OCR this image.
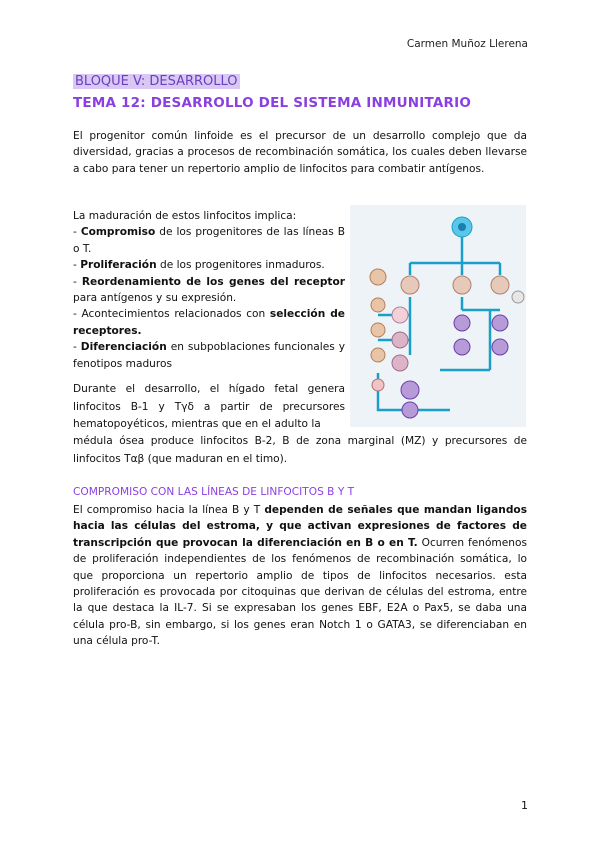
Carmen Muñoz Llerena
BLOQUE V: DESARROLLO
TEMA 12: DESARROLLO DEL SISTEMA INMUNITARIO
El progenitor común linfoide es el precursor de un desarrollo complejo que da diversidad, gracias a procesos de recombinación somática, los cuales deben llevarse a cabo para tener un repertorio amplio de linfocitos para combatir antígenos.
La maduración de estos linfocitos implica:
- Compromiso de los progenitores de las líneas B o T.
- Proliferación de los progenitores inmaduros.
- Reordenamiento de los genes del receptor para antígenos y su expresión.
- Acontecimientos relacionados con selección de receptores.
- Diferenciación en subpoblaciones funcionales y fenotipos maduros
Durante el desarrollo, el hígado fetal genera linfocitos B-1 y Tγδ a partir de precursores hematopoyéticos, mientras que en el adulto la
médula ósea produce linfocitos B-2, B de zona marginal (MZ) y precursores de linfocitos Tαβ (que maduran en el timo).
COMPROMISO CON LAS LÍNEAS DE LINFOCITOS B Y T
El compromiso hacia la línea B y T dependen de señales que mandan ligandos hacia las células del estroma, y que activan expresiones de factores de transcripción que provocan la diferenciación en B o en T. Ocurren fenómenos de proliferación independientes de los fenómenos de recombinación somática, lo que proporciona un repertorio amplio de tipos de linfocitos necesarios. esta proliferación es provocada por citoquinas que derivan de células del estroma, entre la que destaca la IL-7. Si se expresaban los genes EBF, E2A o Pax5, se daba una célula pro-B, sin embargo, si los genes eran Notch 1 o GATA3, se diferenciaban en una célula pro-T.
1
